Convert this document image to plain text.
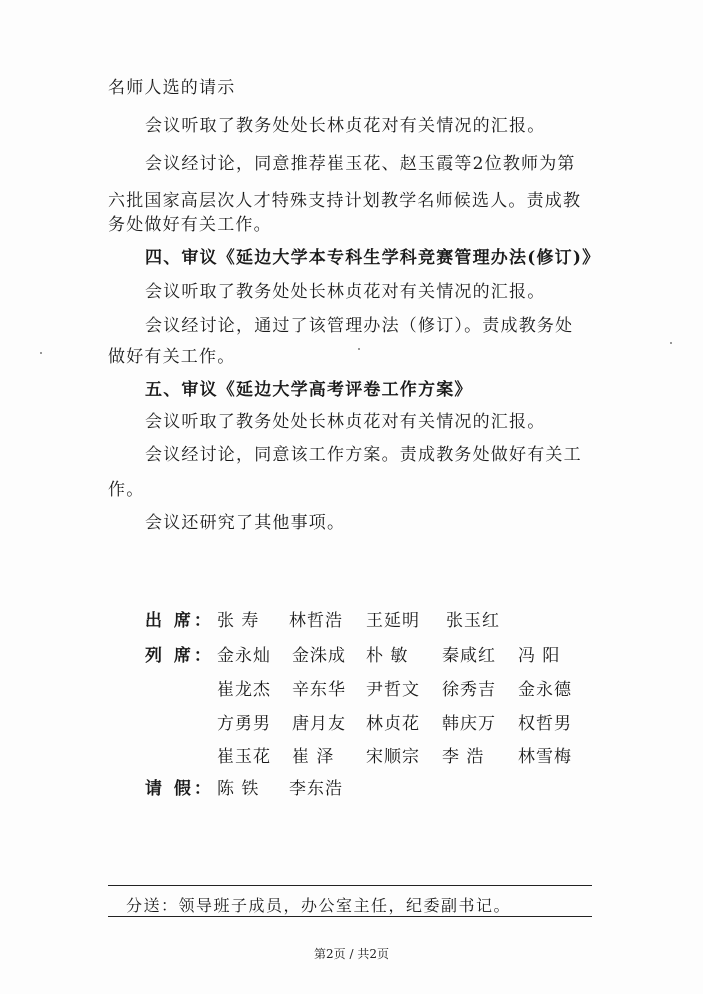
名师人选的请示
会议听取了教务处处长林贞花对有关情况的汇报。
会议经讨论，同意推荐崔玉花、赵玉霞等2位教师为第
六批国家高层次人才特殊支持计划教学名师候选人。责成教
务处做好有关工作。
四、审议《延边大学本专科生学科竞赛管理办法(修订)》
会议听取了教务处处长林贞花对有关情况的汇报。
会议经讨论，通过了该管理办法（修订）。责成教务处
做好有关工作。
五、审议《延边大学高考评卷工作方案》
会议听取了教务处处长林贞花对有关情况的汇报。
会议经讨论，同意该工作方案。责成教务处做好有关工
作。
会议还研究了其他事项。
出 席： 张 寿 林哲浩 王延明 张玉红
列 席： 金永灿 金洙成 朴 敏 秦咸红 冯 阳
崔龙杰 辛东华 尹哲文 徐秀吉 金永德
方勇男 唐月友 林贞花 韩庆万 权哲男
崔玉花 崔 泽 宋顺宗 李 浩 林雪梅
请 假： 陈 铁 李东浩
分送：领导班子成员，办公室主任，纪委副书记。
第2页 / 共2页
